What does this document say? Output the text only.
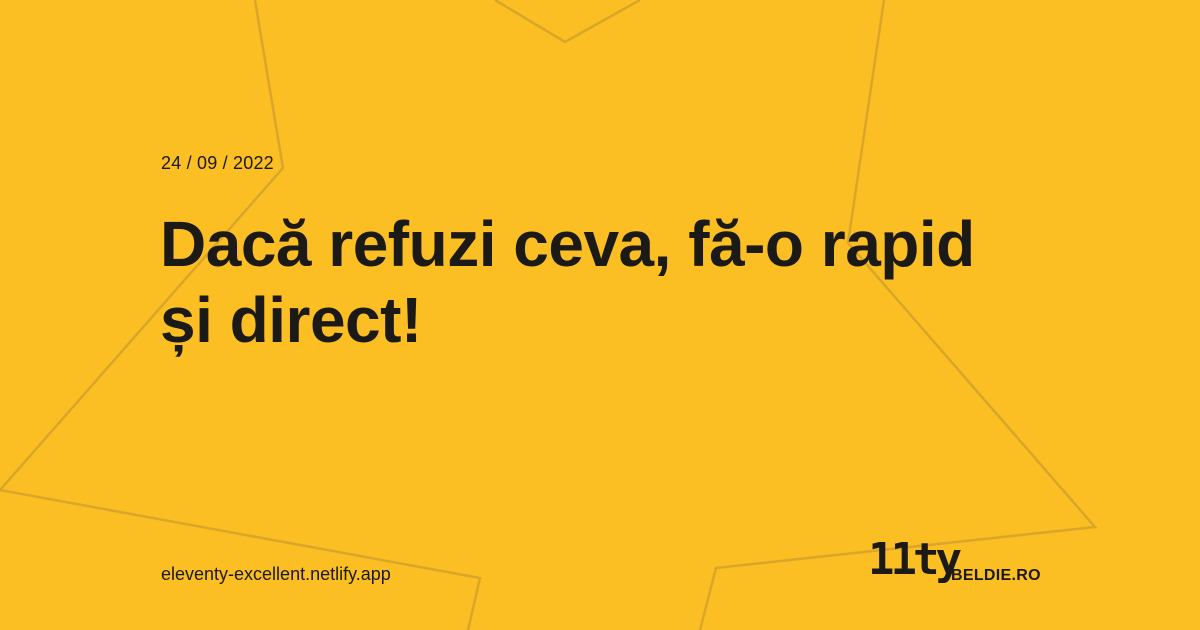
24 / 09 / 2022
Dacă refuzi ceva, fă-o rapid și direct!
eleventy-excellent.netlify.app	11ty
BELDIE.RO
